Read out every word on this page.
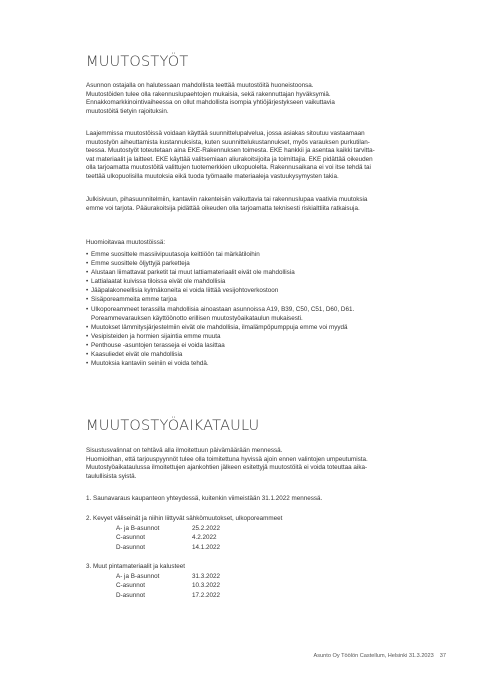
MUUTOSTYÖT
Asunnon ostajalla on halutessaan mahdollista teettää muutostöitä huoneistoonsa.
Muutostöiden tulee olla rakennuslupaehtojen mukaisia, sekä rakennuttajan hyväksymiä.
Ennakkomarkkinointivaiheessa on ollut mahdollista isompia yhtiöjärjestykseen vaikuttavia
muutostöitä tietyin rajoituksin.
Laajemmissa muutostöissä voidaan käyttää suunnittelupalvelua, jossa asiakas sitoutuu vastaamaan
muutostyön aiheuttamista kustannuksista, kuten suunnittelukustannukset, myös varauksen purkutilan-
teessa. Muutostyöt toteutetaan aina EKE-Rakennuksen toimesta. EKE hankkii ja asentaa kaikki tarvitta-
vat materiaalit ja laitteet. EKE käyttää valitsemiaan aliurakoitsijoita ja toimittajia. EKE pidättää oikeuden
olla tarjoamatta muutostöitä valittujen tuotemerkkien ulkopuolelta. Rakennusaikana ei voi itse tehdä tai
teettää ulkopuolisilla muutoksia eikä tuoda työmaalle materiaaleja vastuukysymysten takia.
Julkisivuun, pihasuunnitelmiin, kantaviin rakenteisiin vaikuttavia tai rakennuslupaa vaativia muutoksia
emme voi tarjota. Pääurakoitsija pidättää oikeuden olla tarjoamatta teknisesti riskialttiita ratkaisuja.
Huomioitavaa muutostöissä:
• Emme suosittele massiivipuutasoja keittiöön tai märkätiloihin
• Emme suosittele öljyttyjä parketteja
• Alustaan liimattavat parketit tai muut lattiamateriaalit eivät ole mahdollisia
• Lattialaatat kuivissa tiloissa eivät ole mahdollisia
• Jääpalakoneellisia kylmäkoneita ei voida liittää vesijohtoverkostoon
• Sisäporeammeita emme tarjoa
• Ulkoporeammeet terassilla mahdollisia ainoastaan asunnoissa A19, B39, C50, C51, D60, D61.
Poreammevarauksen käyttöönotto erillisen muutostyöaikataulun mukaisesti.
• Muutokset lämmitysjärjestelmiin eivät ole mahdollisia, ilmalämpöpumppuja emme voi myydä
• Vesipisteiden ja hormien sijaintia emme muuta
• Penthouse -asuntojen terasseja ei voida lasittaa
• Kaasuliedet eivät ole mahdollisia
• Muutoksia kantaviin seiniin ei voida tehdä.
MUUTOSTYÖAIKATAULU
Sisustusvalinnat on tehtävä alla ilmoitettuun päivämäärään mennessä.
Huomioithan, että tarjouspyynnöt tulee olla toimitettuna hyvissä ajoin ennen valintojen umpeutumista.
Muutostyöaikataulussa ilmoitettujen ajankohtien jälkeen esitettyjä muutostöitä ei voida toteuttaa aika-
taulullisista syistä.
1. Saunavaraus kaupanteon yhteydessä, kuitenkin viimeistään 31.1.2022 mennessä.
2. Kevyet väliseinät ja niihin liittyvät sähkömuutokset, ulkoporeammeet
A- ja B-asunnot	25.2.2022
C-asunnot	4.2.2022
D-asunnot	14.1.2022
3. Muut pintamateriaalit ja kalusteet
A- ja B-asunnot	31.3.2022
C-asunnot	10.3.2022
D-asunnot	17.2.2022
Asunto Oy Töölön Castellum, Helsinki 31.3.2023 37
